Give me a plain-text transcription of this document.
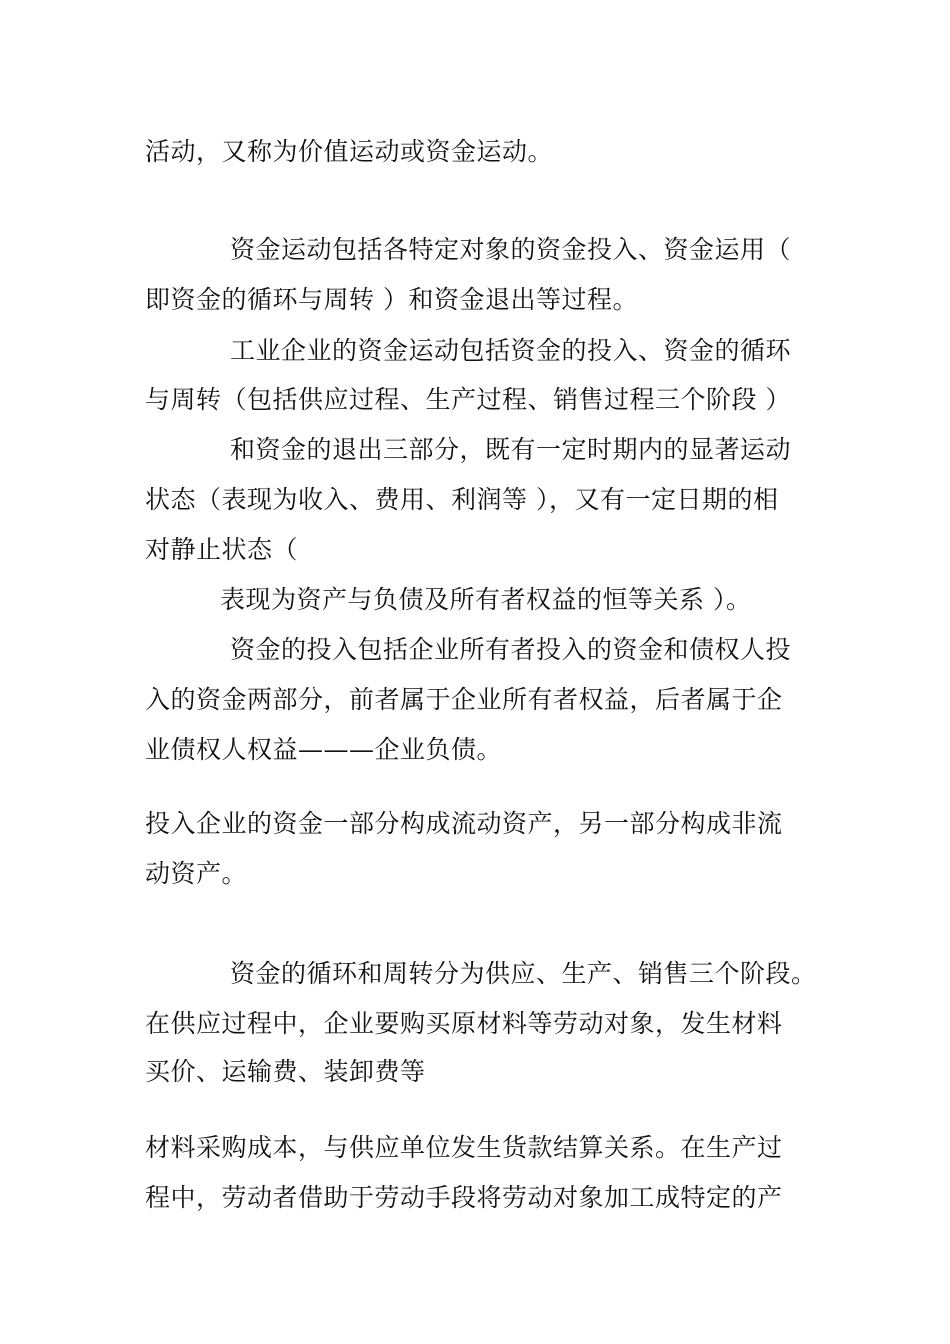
活动，又称为价值运动或资金运动。
资金运动包括各特定对象的资金投入、资金运用（
即资金的循环与周转 ）和资金退出等过程。
工业企业的资金运动包括资金的投入、资金的循环
与周转（包括供应过程、生产过程、销售过程三个阶段 ）
和资金的退出三部分，既有一定时期内的显著运动
状态（表现为收入、费用、利润等 ），又有一定日期的相
对静止状态（
表现为资产与负债及所有者权益的恒等关系 ）。
资金的投入包括企业所有者投入的资金和债权人投
入的资金两部分，前者属于企业所有者权益，后者属于企
业债权人权益———企业负债。
投入企业的资金一部分构成流动资产，另一部分构成非流
动资产。
资金的循环和周转分为供应、生产、销售三个阶段。
在供应过程中，企业要购买原材料等劳动对象，发生材料
买价、运输费、装卸费等
材料采购成本，与供应单位发生货款结算关系。在生产过
程中，劳动者借助于劳动手段将劳动对象加工成特定的产
